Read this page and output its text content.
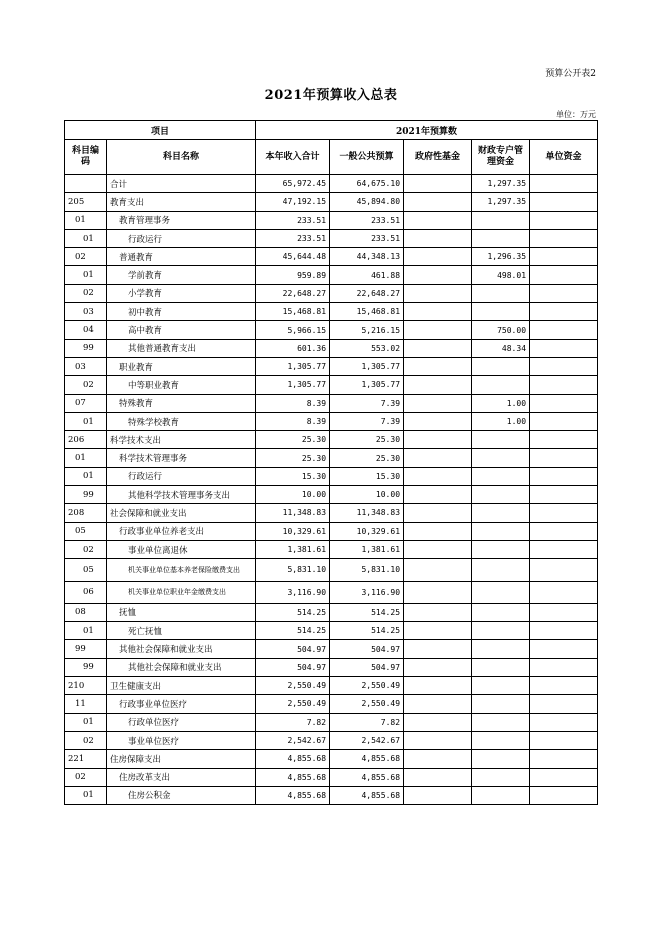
预算公开表2
2021年预算收入总表
单位：万元
项目		2021年预算数				
科目编码	科目名称	本年收入合计	一般公共预算	政府性基金	财政专户管理资金	单位资金
	合计	65,972.45	64,675.10		1,297.35	
205	教育支出	47,192.15	45,894.80		1,297.35	
01	教育管理事务	233.51	233.51			
01	行政运行	233.51	233.51			
02	普通教育	45,644.48	44,348.13		1,296.35	
01	学前教育	959.89	461.88		498.01	
02	小学教育	22,648.27	22,648.27			
03	初中教育	15,468.81	15,468.81			
04	高中教育	5,966.15	5,216.15		750.00	
99	其他普通教育支出	601.36	553.02		48.34	
03	职业教育	1,305.77	1,305.77			
02	中等职业教育	1,305.77	1,305.77			
07	特殊教育	8.39	7.39		1.00	
01	特殊学校教育	8.39	7.39		1.00	
206	科学技术支出	25.30	25.30			
01	科学技术管理事务	25.30	25.30			
01	行政运行	15.30	15.30			
99	其他科学技术管理事务支出	10.00	10.00			
208	社会保障和就业支出	11,348.83	11,348.83			
05	行政事业单位养老支出	10,329.61	10,329.61			
02	事业单位离退休	1,381.61	1,381.61			
05	机关事业单位基本养老保险缴费支出	5,831.10	5,831.10			
06	机关事业单位职业年金缴费支出	3,116.90	3,116.90			
08	抚恤	514.25	514.25			
01	死亡抚恤	514.25	514.25			
99	其他社会保障和就业支出	504.97	504.97			
99	其他社会保障和就业支出	504.97	504.97			
210	卫生健康支出	2,550.49	2,550.49			
11	行政事业单位医疗	2,550.49	2,550.49			
01	行政单位医疗	7.82	7.82			
02	事业单位医疗	2,542.67	2,542.67			
221	住房保障支出	4,855.68	4,855.68			
02	住房改革支出	4,855.68	4,855.68			
01	住房公积金	4,855.68	4,855.68			
